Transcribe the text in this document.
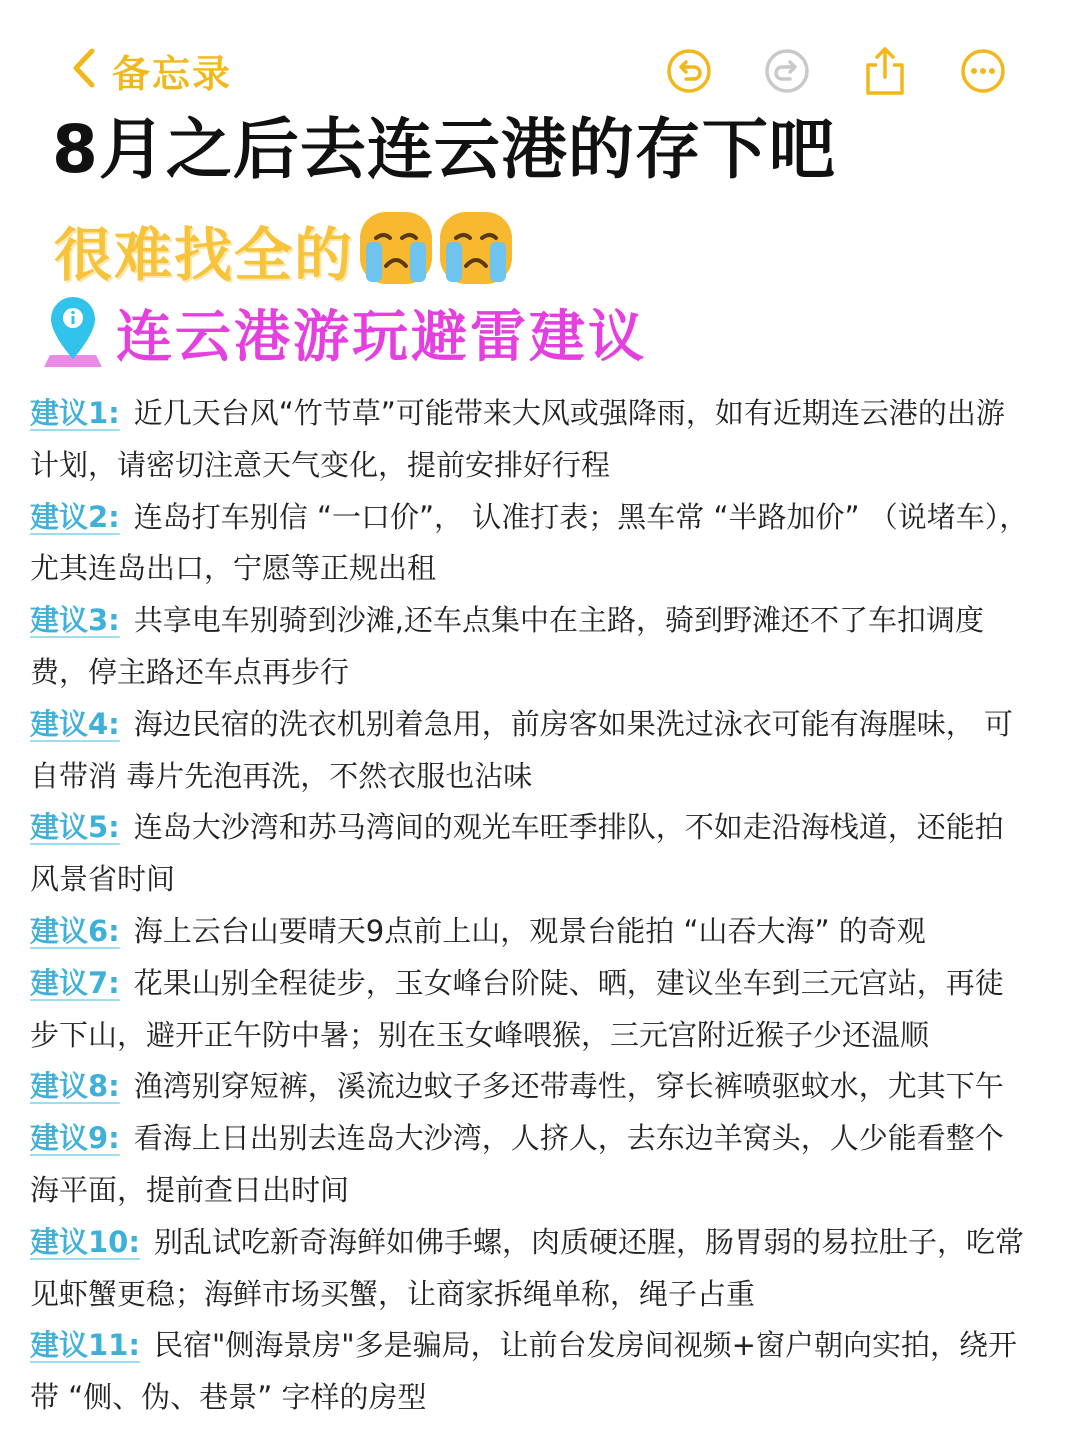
备忘录
8月之后去连云港的存下吧
很难找全的
连云港游玩避雷建议

建议1: 近几天台风“竹节草”可能带来大风或强降雨，如有近期连云港的出游计划，请密切注意天气变化，提前安排好行程

建议2: 连岛打车别信 “一口价”， 认准打表；黑车常 “半路加价” （说堵车），尤其连岛出口，宁愿等正规出租

建议3: 共享电车别骑到沙滩,还车点集中在主路，骑到野滩还不了车扣调度费，停主路还车点再步行

建议4: 海边民宿的洗衣机别着急用，前房客如果洗过泳衣可能有海腥味， 可自带消 毒片先泡再洗，不然衣服也沾味

建议5: 连岛大沙湾和苏马湾间的观光车旺季排队，不如走沿海栈道，还能拍风景省时间

建议6: 海上云台山要晴天9点前上山，观景台能拍 “山吞大海” 的奇观

建议7: 花果山别全程徒步，玉女峰台阶陡、晒，建议坐车到三元宫站，再徒步下山，避开正午防中暑；别在玉女峰喂猴，三元宫附近猴子少还温顺

建议8: 渔湾别穿短裤，溪流边蚊子多还带毒性，穿长裤喷驱蚊水，尤其下午

建议9: 看海上日出别去连岛大沙湾，人挤人，去东边羊窝头，人少能看整个海平面，提前查日出时间

建议10: 别乱试吃新奇海鲜如佛手螺，肉质硬还腥，肠胃弱的易拉肚子，吃常见虾蟹更稳；海鲜市场买蟹，让商家拆绳单称，绳子占重

建议11: 民宿"侧海景房"多是骗局，让前台发房间视频+窗户朝向实拍，绕开带 “侧、伪、巷景” 字样的房型
